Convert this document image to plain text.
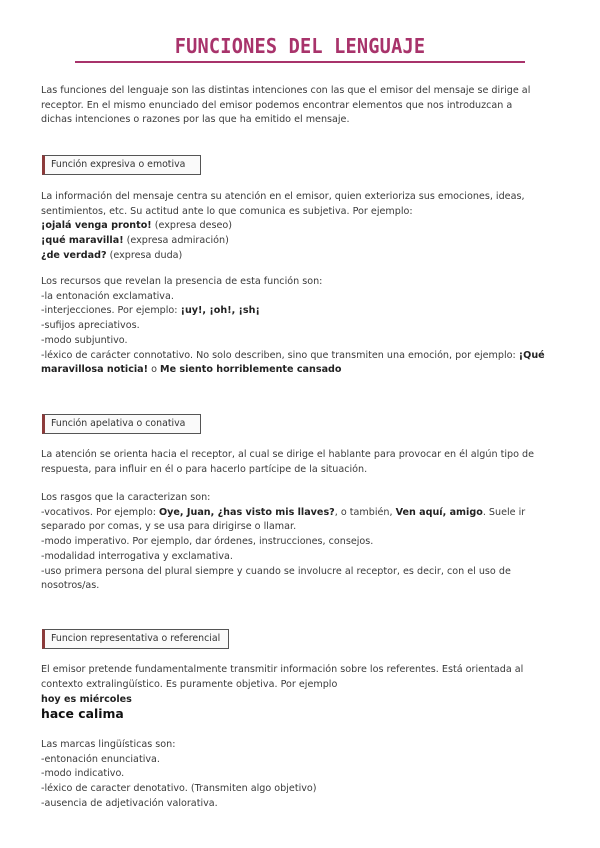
FUNCIONES DEL LENGUAJE
Las funciones del lenguaje son las distintas intenciones con las que el emisor del mensaje se dirige al
receptor. En el mismo enunciado del emisor podemos encontrar elementos que nos introduzcan a
dichas intenciones o razones por las que ha emitido el mensaje.
Función expresiva o emotiva
La información del mensaje centra su atención en el emisor, quien exterioriza sus emociones, ideas,
sentimientos, etc. Su actitud ante lo que comunica es subjetiva. Por ejemplo:
¡ojalá venga pronto! (expresa deseo)
¡qué maravilla! (expresa admiración)
¿de verdad? (expresa duda)
Los recursos que revelan la presencia de esta función son:
-la entonación exclamativa.
-interjecciones. Por ejemplo: ¡uy!, ¡oh!, ¡sh¡
-sufijos apreciativos.
-modo subjuntivo.
-léxico de carácter connotativo. No solo describen, sino que transmiten una emoción, por ejemplo: ¡Qué
maravillosa noticia! o Me siento horriblemente cansado
Función apelativa o conativa
La atención se orienta hacia el receptor, al cual se dirige el hablante para provocar en él algún tipo de
respuesta, para influir en él o para hacerlo partícipe de la situación.
Los rasgos que la caracterizan son:
-vocativos. Por ejemplo: Oye, Juan, ¿has visto mis llaves?, o también, Ven aquí, amigo. Suele ir
separado por comas, y se usa para dirigirse o llamar.
-modo imperativo. Por ejemplo, dar órdenes, instrucciones, consejos.
-modalidad interrogativa y exclamativa.
-uso primera persona del plural siempre y cuando se involucre al receptor, es decir, con el uso de
nosotros/as.
Funcion representativa o referencial
El emisor pretende fundamentalmente transmitir información sobre los referentes. Está orientada al
contexto extralingüístico. Es puramente objetiva. Por ejemplo
hoy es miércoles
hace calima
Las marcas lingüísticas son:
-entonación enunciativa.
-modo indicativo.
-léxico de caracter denotativo. (Transmiten algo objetivo)
-ausencia de adjetivación valorativa.
